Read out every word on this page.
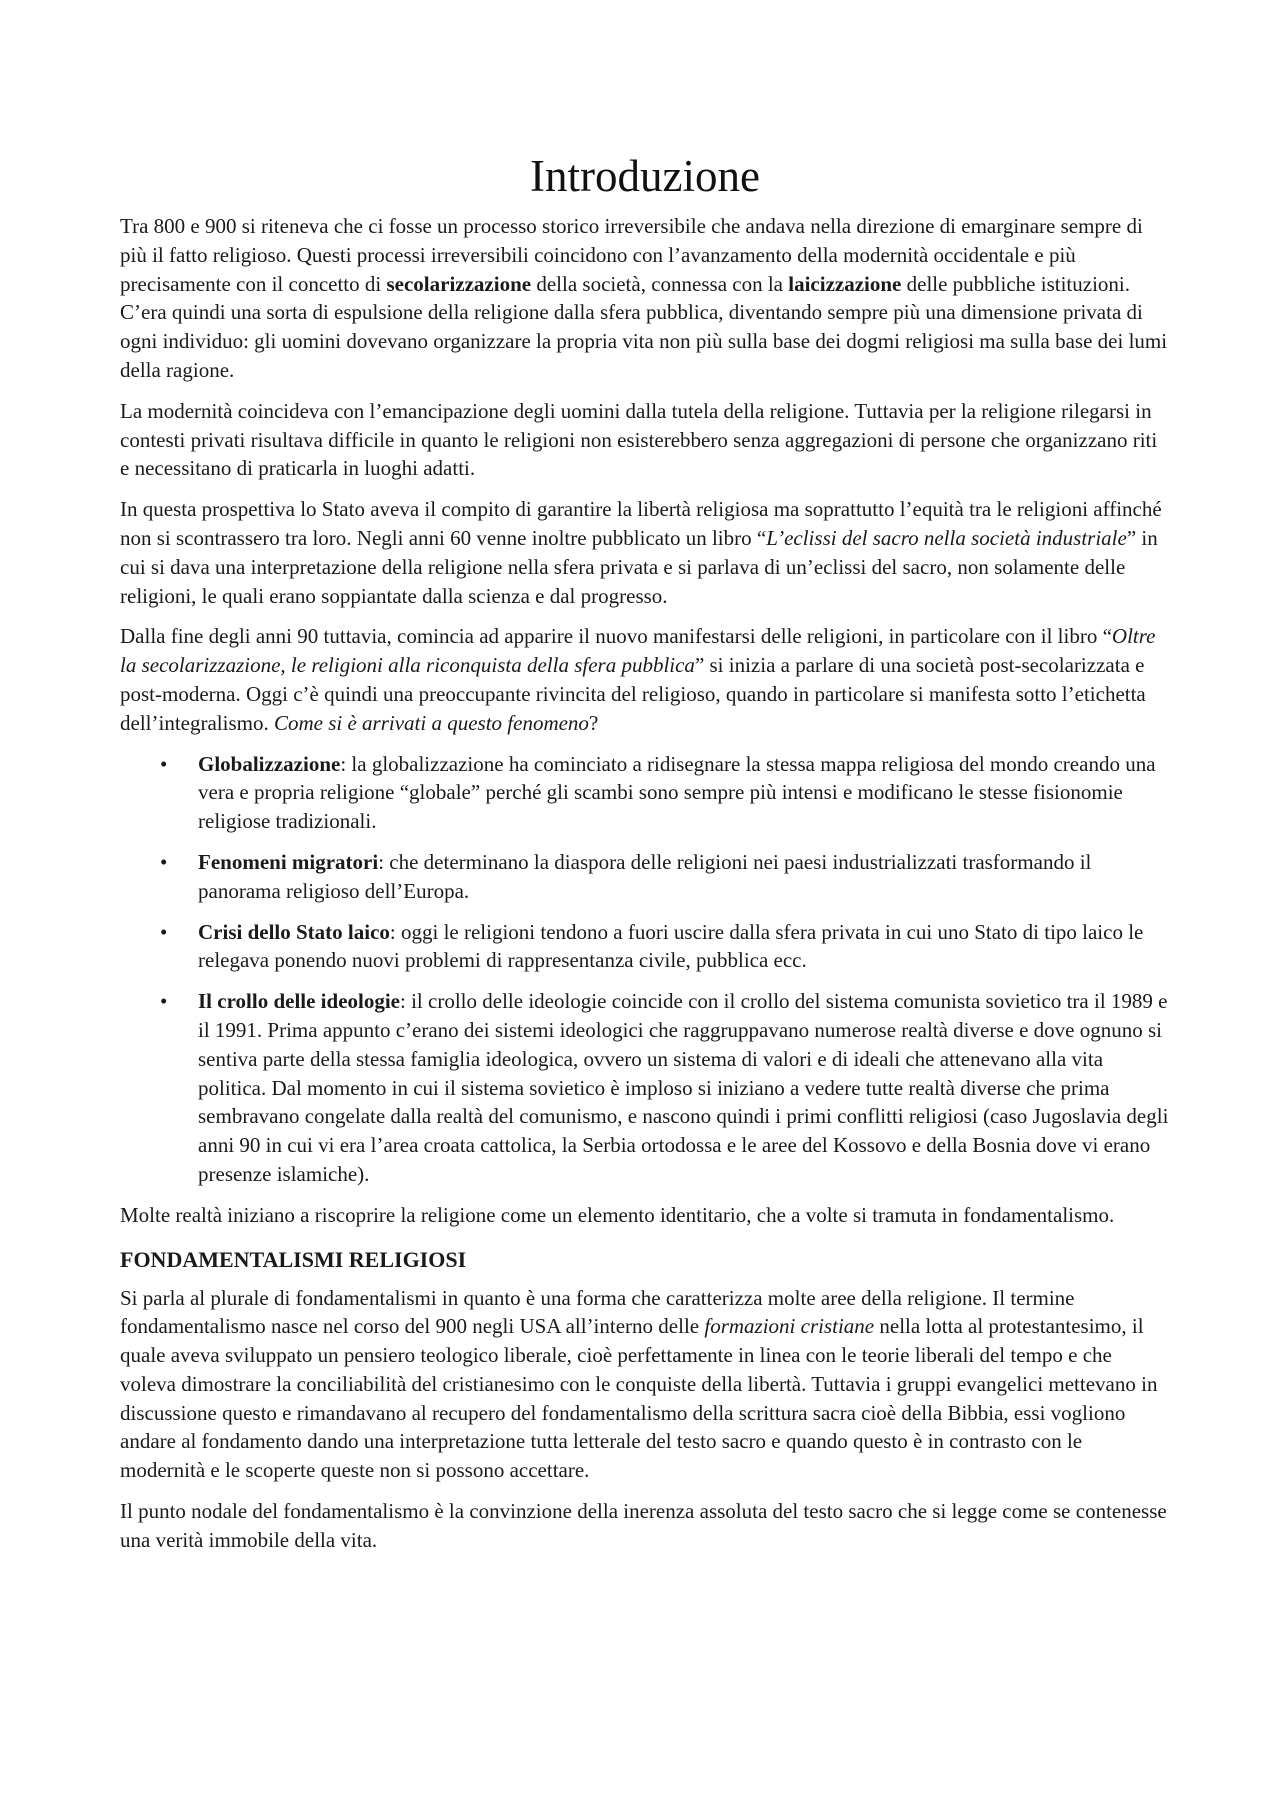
Introduzione

Tra 800 e 900 si riteneva che ci fosse un processo storico irreversibile che andava nella direzione di emarginare sempre di più il fatto religioso. Questi processi irreversibili coincidono con l’avanzamento della modernità occidentale e più precisamente con il concetto di secolarizzazione della società, connessa con la laicizzazione delle pubbliche istituzioni. C’era quindi una sorta di espulsione della religione dalla sfera pubblica, diventando sempre più una dimensione privata di ogni individuo: gli uomini dovevano organizzare la propria vita non più sulla base dei dogmi religiosi ma sulla base dei lumi della ragione.

La modernità coincideva con l’emancipazione degli uomini dalla tutela della religione. Tuttavia per la religione rilegarsi in contesti privati risultava difficile in quanto le religioni non esisterebbero senza aggregazioni di persone che organizzano riti e necessitano di praticarla in luoghi adatti.

In questa prospettiva lo Stato aveva il compito di garantire la libertà religiosa ma soprattutto l’equità tra le religioni affinché non si scontrassero tra loro. Negli anni 60 venne inoltre pubblicato un libro “L’eclissi del sacro nella società industriale” in cui si dava una interpretazione della religione nella sfera privata e si parlava di un’eclissi del sacro, non solamente delle religioni, le quali erano soppiantate dalla scienza e dal progresso.

Dalla fine degli anni 90 tuttavia, comincia ad apparire il nuovo manifestarsi delle religioni, in particolare con il libro “Oltre la secolarizzazione, le religioni alla riconquista della sfera pubblica” si inizia a parlare di una società post-secolarizzata e post-moderna. Oggi c’è quindi una preoccupante rivincita del religioso, quando in particolare si manifesta sotto l’etichetta dell’integralismo. Come si è arrivati a questo fenomeno?

• Globalizzazione: la globalizzazione ha cominciato a ridisegnare la stessa mappa religiosa del mondo creando una vera e propria religione “globale” perché gli scambi sono sempre più intensi e modificano le stesse fisionomie religiose tradizionali.
• Fenomeni migratori: che determinano la diaspora delle religioni nei paesi industrializzati trasformando il panorama religioso dell’Europa.
• Crisi dello Stato laico: oggi le religioni tendono a fuori uscire dalla sfera privata in cui uno Stato di tipo laico le relegava ponendo nuovi problemi di rappresentanza civile, pubblica ecc.
• Il crollo delle ideologie: il crollo delle ideologie coincide con il crollo del sistema comunista sovietico tra il 1989 e il 1991. Prima appunto c’erano dei sistemi ideologici che raggruppavano numerose realtà diverse e dove ognuno si sentiva parte della stessa famiglia ideologica, ovvero un sistema di valori e di ideali che attenevano alla vita politica. Dal momento in cui il sistema sovietico è imploso si iniziano a vedere tutte realtà diverse che prima sembravano congelate dalla realtà del comunismo, e nascono quindi i primi conflitti religiosi (caso Jugoslavia degli anni 90 in cui vi era l’area croata cattolica, la Serbia ortodossa e le aree del Kossovo e della Bosnia dove vi erano presenze islamiche).

Molte realtà iniziano a riscoprire la religione come un elemento identitario, che a volte si tramuta in fondamentalismo.

FONDAMENTALISMI RELIGIOSI

Si parla al plurale di fondamentalismi in quanto è una forma che caratterizza molte aree della religione. Il termine fondamentalismo nasce nel corso del 900 negli USA all’interno delle formazioni cristiane nella lotta al protestantesimo, il quale aveva sviluppato un pensiero teologico liberale, cioè perfettamente in linea con le teorie liberali del tempo e che voleva dimostrare la conciliabilità del cristianesimo con le conquiste della libertà. Tuttavia i gruppi evangelici mettevano in discussione questo e rimandavano al recupero del fondamentalismo della scrittura sacra cioè della Bibbia, essi vogliono andare al fondamento dando una interpretazione tutta letterale del testo sacro e quando questo è in contrasto con le modernità e le scoperte queste non si possono accettare.

Il punto nodale del fondamentalismo è la convinzione della inerenza assoluta del testo sacro che si legge come se contenesse una verità immobile della vita.
